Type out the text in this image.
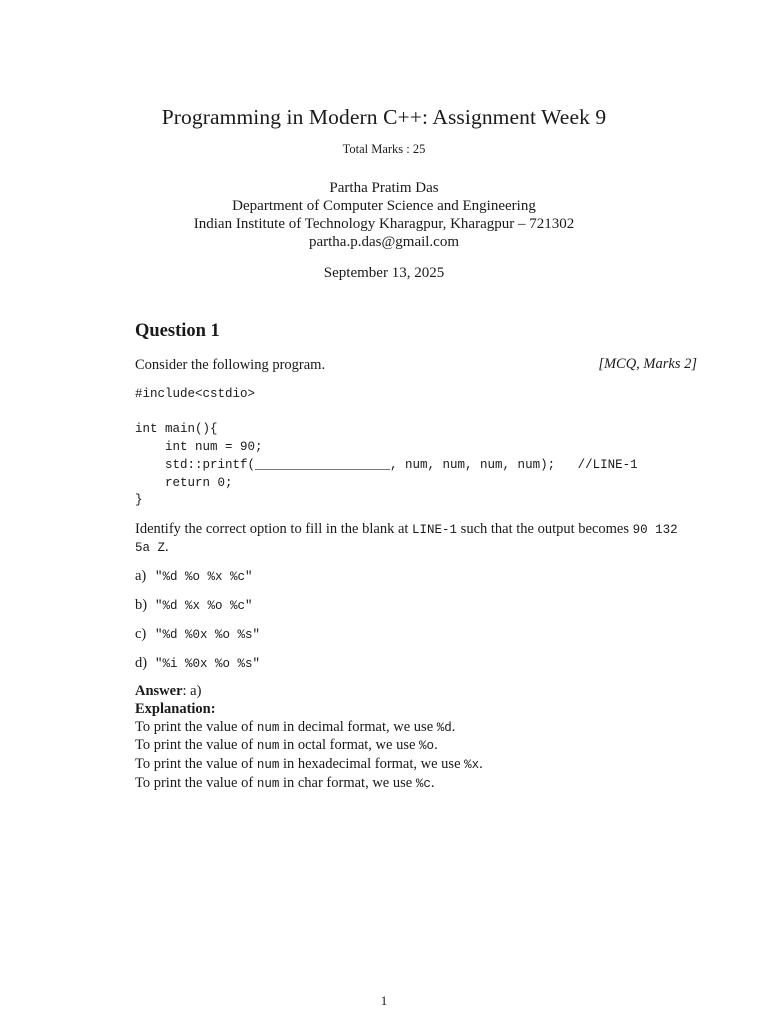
Programming in Modern C++: Assignment Week 9
Total Marks : 25
Partha Pratim Das
Department of Computer Science and Engineering
Indian Institute of Technology Kharagpur, Kharagpur – 721302
partha.p.das@gmail.com
September 13, 2025
Question 1
Consider the following program.	[MCQ, Marks 2]
#include<cstdio>

int main(){
int num = 90;
std::printf(__________________, num, num, num, num);   //LINE-1
return 0;
}
Identify the correct option to fill in the blank at LINE-1 such that the output becomes 90 132
5a Z.
a) "%d %o %x %c"
b) "%d %x %o %c"
c) "%d %0x %o %s"
d) "%i %0x %o %s"
Answer: a)
Explanation:
To print the value of num in decimal format, we use %d.
To print the value of num in octal format, we use %o.
To print the value of num in hexadecimal format, we use %x.
To print the value of num in char format, we use %c.
1
